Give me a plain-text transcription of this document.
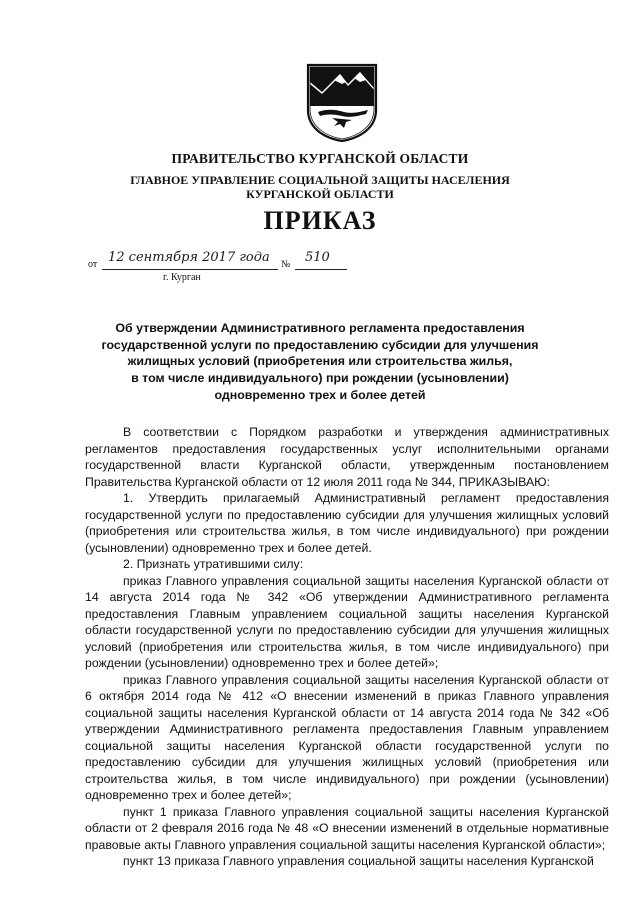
ПРАВИТЕЛЬСТВО КУРГАНСКОЙ ОБЛАСТИ
ГЛАВНОЕ УПРАВЛЕНИЕ СОЦИАЛЬНОЙ ЗАЩИТЫ НАСЕЛЕНИЯ
КУРГАНСКОЙ ОБЛАСТИ
ПРИКАЗ
от 12 сентября 2017 года № 510
г. Курган
Об утверждении Административного регламента предоставления
государственной услуги по предоставлению субсидии для улучшения
жилищных условий (приобретения или строительства жилья,
в том числе индивидуального) при рождении (усыновлении)
одновременно трех и более детей

В соответствии с Порядком разработки и утверждения административных регламентов предоставления государственных услуг исполнительными органами государственной власти Курганской области, утвержденным постановлением Правительства Курганской области от 12 июля 2011 года № 344, ПРИКАЗЫВАЮ:

1. Утвердить прилагаемый Административный регламент предоставления государственной услуги по предоставлению субсидии для улучшения жилищных условий (приобретения или строительства жилья, в том числе индивидуального) при рождении (усыновлении) одновременно трех и более детей.

2. Признать утратившими силу:

приказ Главного управления социальной защиты населения Курганской области от 14 августа 2014 года № 342 «Об утверждении Административного регламента предоставления Главным управлением социальной защиты населения Курганской области государственной услуги по предоставлению субсидии для улучшения жилищных условий (приобретения или строительства жилья, в том числе индивидуального) при рождении (усыновлении) одновременно трех и более детей»;

приказ Главного управления социальной защиты населения Курганской области от 6 октября 2014 года № 412 «О внесении изменений в приказ Главного управления социальной защиты населения Курганской области от 14 августа 2014 года № 342 «Об утверждении Административного регламента предоставления Главным управлением социальной защиты населения Курганской области государственной услуги по предоставлению субсидии для улучшения жилищных условий (приобретения или строительства жилья, в том числе индивидуального) при рождении (усыновлении) одновременно трех и более детей»;

пункт 1 приказа Главного управления социальной защиты населения Курганской области от 2 февраля 2016 года № 48 «О внесении изменений в отдельные нормативные правовые акты Главного управления социальной защиты населения Курганской области»;

пункт 13 приказа Главного управления социальной защиты населения Курганской
